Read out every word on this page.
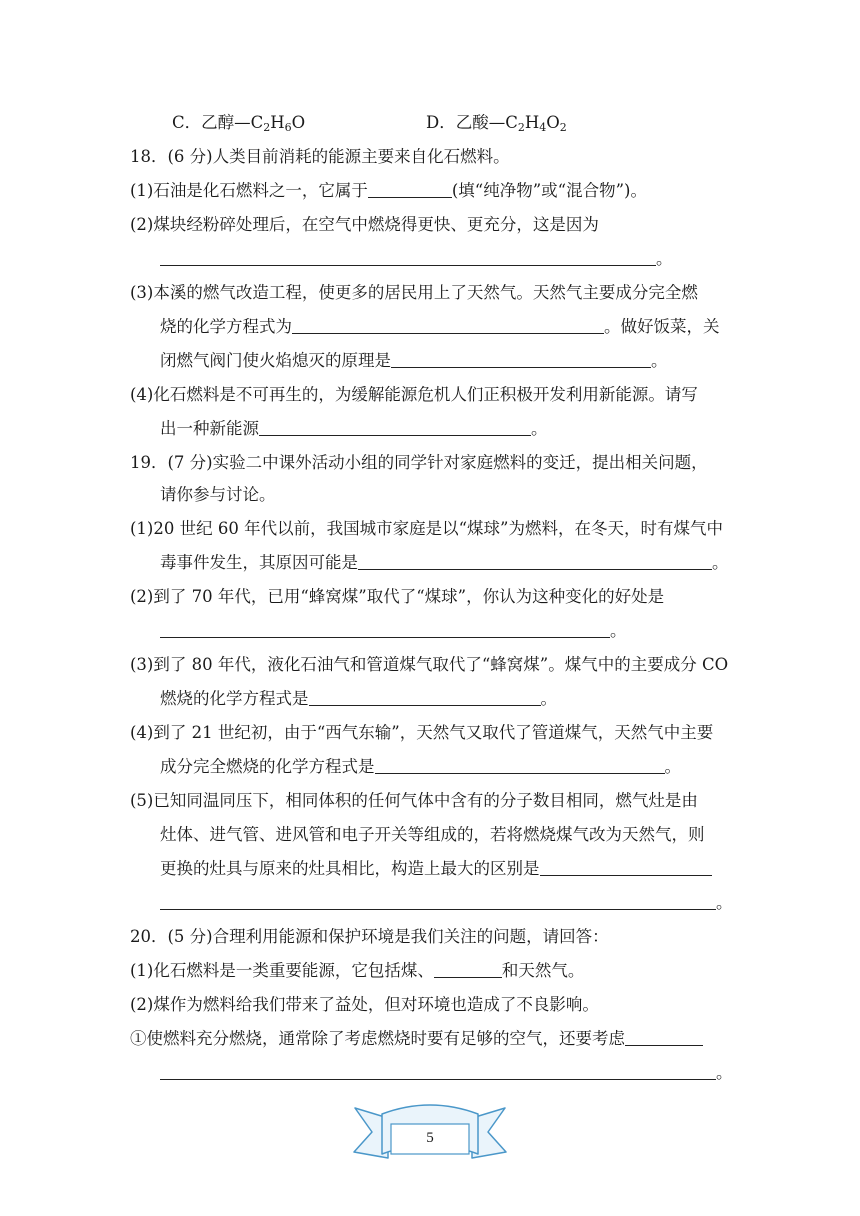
C．乙醇$—C_2H_6O$	D．乙酸$—C_2H_4O_2$
18．(6 分)人类目前消耗的能源主要来自化石燃料。
(1)石油是化石燃料之一，它属于	(填“纯净物”或“混合物”)。
(2)煤块经粉碎处理后，在空气中燃烧得更快、更充分，这是因为
。
(3)本溪的燃气改造工程，使更多的居民用上了天然气。天然气主要成分完全燃
烧的化学方程式为	。做好饭菜，关
闭燃气阀门使火焰熄灭的原理是	。
(4)化石燃料是不可再生的，为缓解能源危机人们正积极开发利用新能源。请写
出一种新能源	。
19．(7 分)实验二中课外活动小组的同学针对家庭燃料的变迁，提出相关问题，
请你参与讨论。
(1)20 世纪 60 年代以前，我国城市家庭是以“煤球”为燃料，在冬天，时有煤气中
毒事件发生，其原因可能是	。
(2)到了 70 年代，已用“蜂窝煤”取代了“煤球”，你认为这种变化的好处是
。
(3)到了 80 年代，液化石油气和管道煤气取代了“蜂窝煤”。煤气中的主要成分 CO
燃烧的化学方程式是	。
(4)到了 21 世纪初，由于“西气东输”，天然气又取代了管道煤气，天然气中主要
成分完全燃烧的化学方程式是	。
(5)已知同温同压下，相同体积的任何气体中含有的分子数目相同，燃气灶是由
灶体、进气管、进风管和电子开关等组成的，若将燃烧煤气改为天然气，则
更换的灶具与原来的灶具相比，构造上最大的区别是
。
20．(5 分)合理利用能源和保护环境是我们关注的问题，请回答：
(1)化石燃料是一类重要能源，它包括煤、	和天然气。
(2)煤作为燃料给我们带来了益处，但对环境也造成了不良影响。
①使燃料充分燃烧，通常除了考虑燃烧时要有足够的空气，还要考虑
。
5
